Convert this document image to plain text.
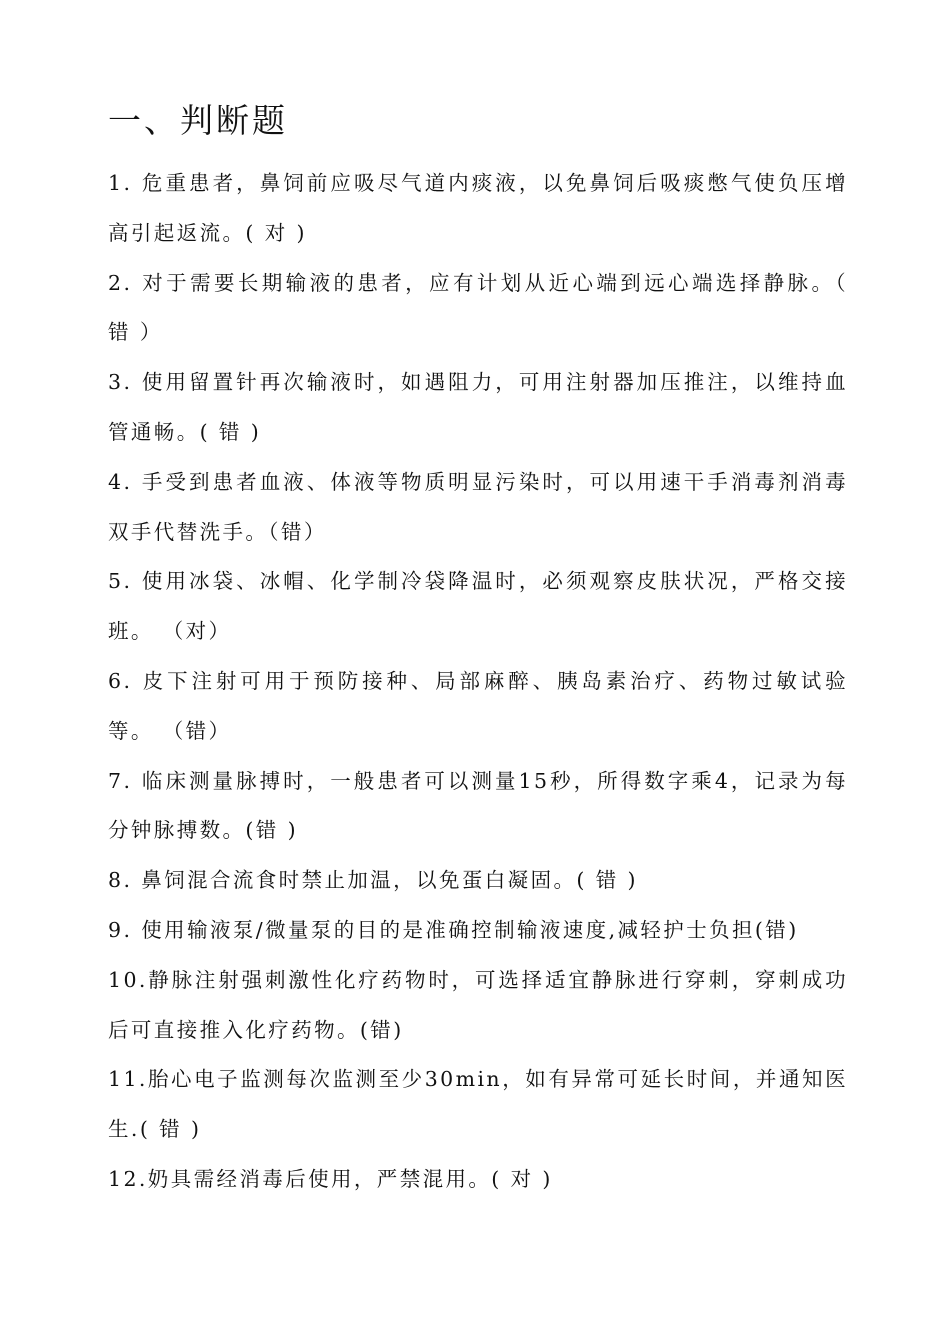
一、判断题

1. 危重患者，鼻饲前应吸尽气道内痰液，以免鼻饲后吸痰憋气使负压增高引起返流。( 对 )

2. 对于需要长期输液的患者，应有计划从近心端到远心端选择静脉。（ 错 ）

3. 使用留置针再次输液时，如遇阻力，可用注射器加压推注，以维持血管通畅。( 错 )

4. 手受到患者血液、体液等物质明显污染时，可以用速干手消毒剂消毒双手代替洗手。（错）

5. 使用冰袋、冰帽、化学制冷袋降温时，必须观察皮肤状况，严格交接班。 （对）

6. 皮下注射可用于预防接种、局部麻醉、胰岛素治疗、药物过敏试验等。 （错）

7. 临床测量脉搏时，一般患者可以测量15秒，所得数字乘4，记录为每分钟脉搏数。(错 )

8. 鼻饲混合流食时禁止加温，以免蛋白凝固。( 错 )

9. 使用输液泵/微量泵的目的是准确控制输液速度,减轻护士负担(错)

10.静脉注射强刺激性化疗药物时，可选择适宜静脉进行穿刺，穿刺成功后可直接推入化疗药物。(错)

11.胎心电子监测每次监测至少30min，如有异常可延长时间，并通知医生.( 错 )

12.奶具需经消毒后使用，严禁混用。( 对 )
